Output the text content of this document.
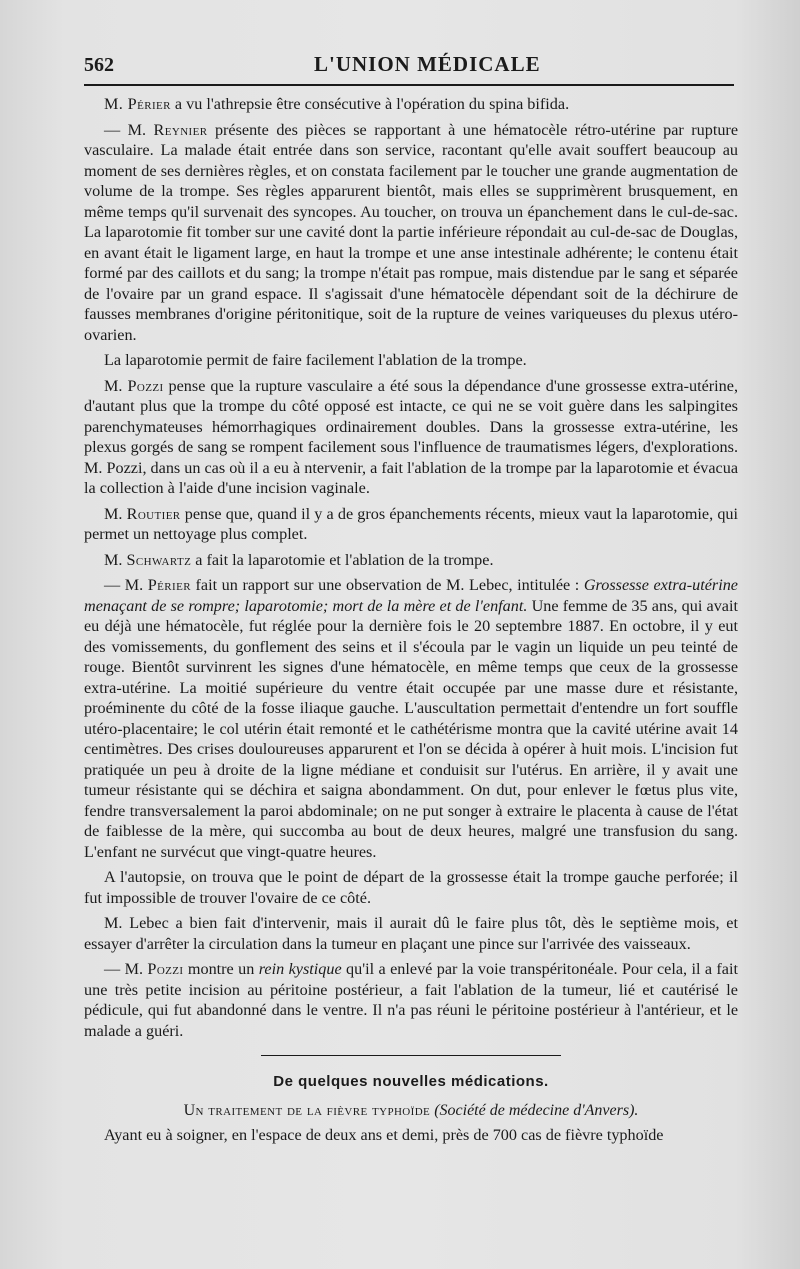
562	L'UNION MÉDICALE

M. Périer a vu l'athrepsie être consécutive à l'opération du spina bifida.

— M. Reynier présente des pièces se rapportant à une hématocèle rétro-utérine par rupture vasculaire. La malade était entrée dans son service, racontant qu'elle avait souffert beaucoup au moment de ses dernières règles, et on constata facilement par le toucher une grande augmentation de volume de la trompe. Ses règles apparurent bientôt, mais elles se supprimèrent brusquement, en même temps qu'il survenait des syncopes. Au toucher, on trouva un épanchement dans le cul-de-sac. La laparotomie fit tomber sur une cavité dont la partie inférieure répondait au cul-de-sac de Douglas, en avant était le ligament large, en haut la trompe et une anse intestinale adhérente; le contenu était formé par des caillots et du sang; la trompe n'était pas rompue, mais distendue par le sang et séparée de l'ovaire par un grand espace. Il s'agissait d'une hématocèle dépendant soit de la déchirure de fausses membranes d'origine péritonitique, soit de la rupture de veines variqueuses du plexus utéro-ovarien.

La laparotomie permit de faire facilement l'ablation de la trompe.

M. Pozzi pense que la rupture vasculaire a été sous la dépendance d'une grossesse extra-utérine, d'autant plus que la trompe du côté opposé est intacte, ce qui ne se voit guère dans les salpingites parenchymateuses hémorrhagiques ordinairement doubles. Dans la grossesse extra-utérine, les plexus gorgés de sang se rompent facilement sous l'influence de traumatismes légers, d'explorations. M. Pozzi, dans un cas où il a eu à ntervenir, a fait l'ablation de la trompe par la laparotomie et évacua la collection à l'aide d'une incision vaginale.

M. Routier pense que, quand il y a de gros épanchements récents, mieux vaut la laparotomie, qui permet un nettoyage plus complet.

M. Schwartz a fait la laparotomie et l'ablation de la trompe.

— M. Périer fait un rapport sur une observation de M. Lebec, intitulée : Grossesse extra-utérine menaçant de se rompre; laparotomie; mort de la mère et de l'enfant. Une femme de 35 ans, qui avait eu déjà une hématocèle, fut réglée pour la dernière fois le 20 septembre 1887. En octobre, il y eut des vomissements, du gonflement des seins et il s'écoula par le vagin un liquide un peu teinté de rouge. Bientôt survinrent les signes d'une hématocèle, en même temps que ceux de la grossesse extra-utérine. La moitié supérieure du ventre était occupée par une masse dure et résistante, proéminente du côté de la fosse iliaque gauche. L'auscultation permettait d'entendre un fort souffle utéro-placentaire; le col utérin était remonté et le cathétérisme montra que la cavité utérine avait 14 centimètres. Des crises douloureuses apparurent et l'on se décida à opérer à huit mois. L'incision fut pratiquée un peu à droite de la ligne médiane et conduisit sur l'utérus. En arrière, il y avait une tumeur résistante qui se déchira et saigna abondamment. On dut, pour enlever le fœtus plus vite, fendre transversalement la paroi abdominale; on ne put songer à extraire le placenta à cause de l'état de faiblesse de la mère, qui succomba au bout de deux heures, malgré une transfusion du sang. L'enfant ne survécut que vingt-quatre heures.

A l'autopsie, on trouva que le point de départ de la grossesse était la trompe gauche perforée; il fut impossible de trouver l'ovaire de ce côté.

M. Lebec a bien fait d'intervenir, mais il aurait dû le faire plus tôt, dès le septième mois, et essayer d'arrêter la circulation dans la tumeur en plaçant une pince sur l'arrivée des vaisseaux.

— M. Pozzi montre un rein kystique qu'il a enlevé par la voie transpéritonéale. Pour cela, il a fait une très petite incision au péritoine postérieur, a fait l'ablation de la tumeur, lié et cautérisé le pédicule, qui fut abandonné dans le ventre. Il n'a pas réuni le péritoine postérieur à l'antérieur, et le malade a guéri.

De quelques nouvelles médications.
Un traitement de la fièvre typhoïde (Société de médecine d'Anvers).

Ayant eu à soigner, en l'espace de deux ans et demi, près de 700 cas de fièvre typhoïde
